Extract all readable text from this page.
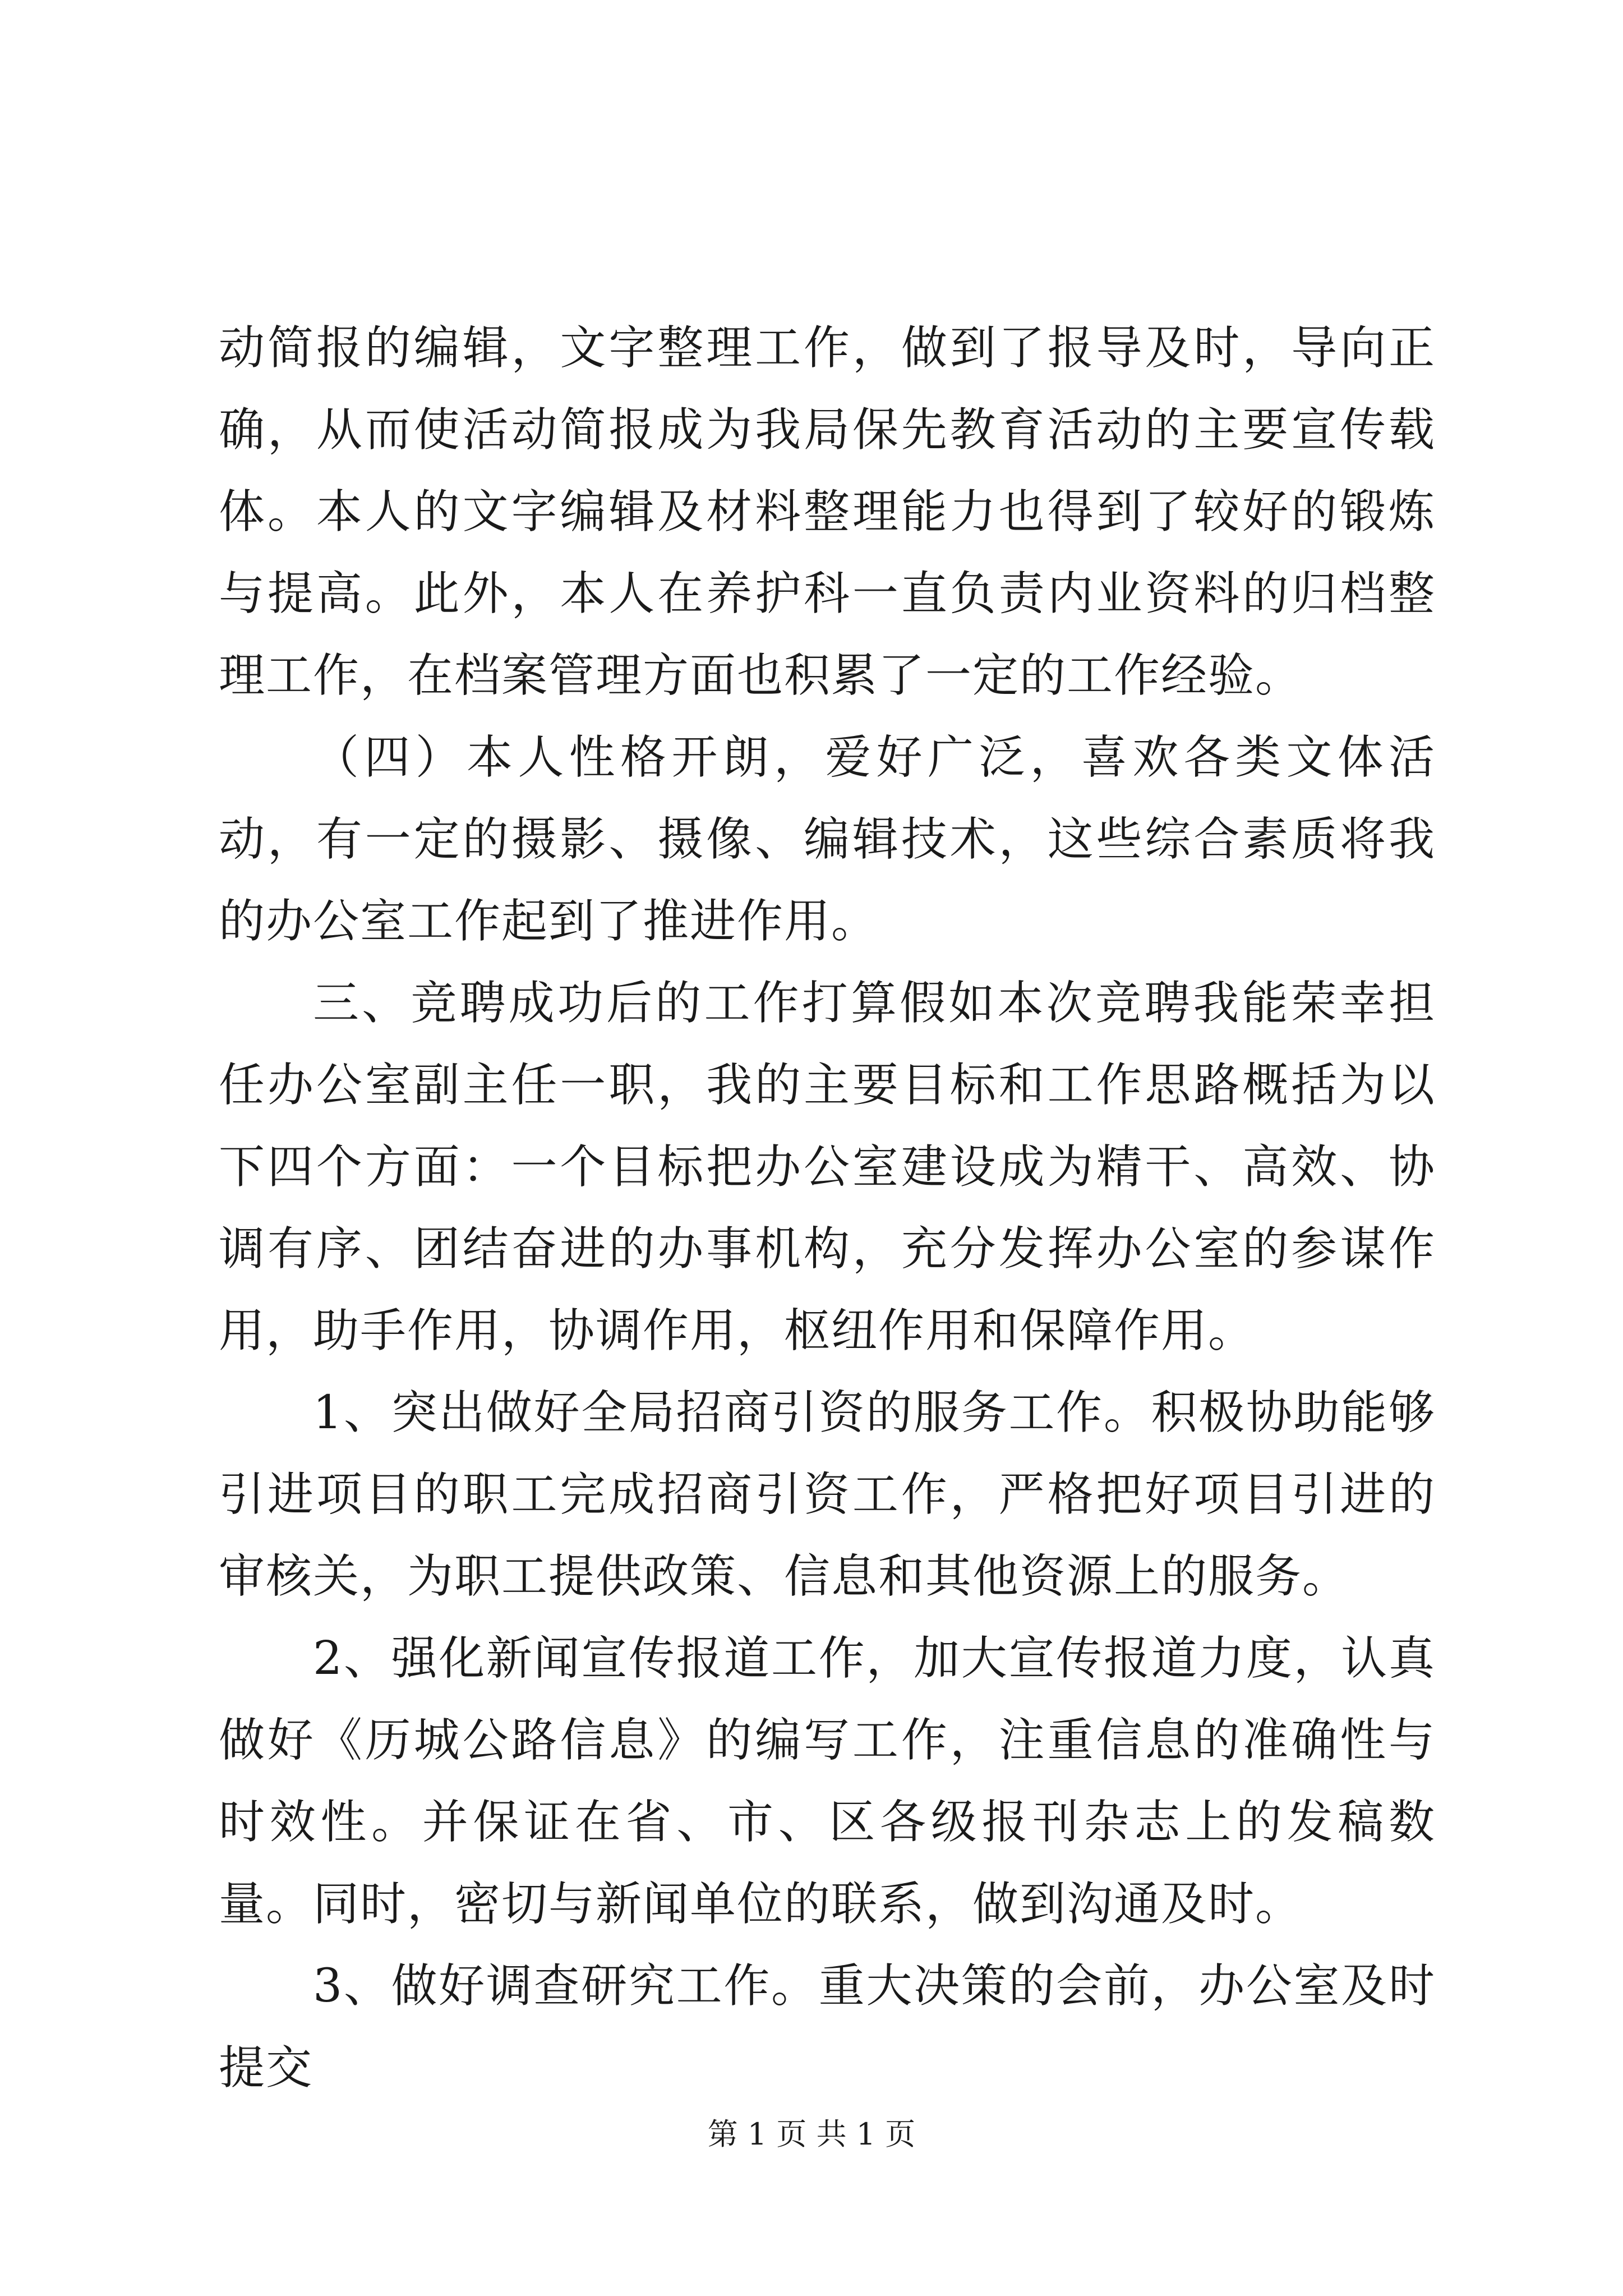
动简报的编辑，文字整理工作，做到了报导及时，导向正确，从而使活动简报成为我局保先教育活动的主要宣传载体。本人的文字编辑及材料整理能力也得到了较好的锻炼与提高。此外，本人在养护科一直负责内业资料的归档整理工作，在档案管理方面也积累了一定的工作经验。

（四）本人性格开朗，爱好广泛，喜欢各类文体活动，有一定的摄影、摄像、编辑技术，这些综合素质将我的办公室工作起到了推进作用。

三、竞聘成功后的工作打算假如本次竞聘我能荣幸担任办公室副主任一职，我的主要目标和工作思路概括为以下四个方面：一个目标把办公室建设成为精干、高效、协调有序、团结奋进的办事机构，充分发挥办公室的参谋作用，助手作用，协调作用，枢纽作用和保障作用。

1、突出做好全局招商引资的服务工作。积极协助能够引进项目的职工完成招商引资工作，严格把好项目引进的审核关，为职工提供政策、信息和其他资源上的服务。

2、强化新闻宣传报道工作，加大宣传报道力度，认真做好《历城公路信息》的编写工作，注重信息的准确性与时效性。并保证在省、市、区各级报刊杂志上的发稿数量。同时，密切与新闻单位的联系，做到沟通及时。

3、做好调查研究工作。重大决策的会前，办公室及时提交

第 1 页 共 1 页
